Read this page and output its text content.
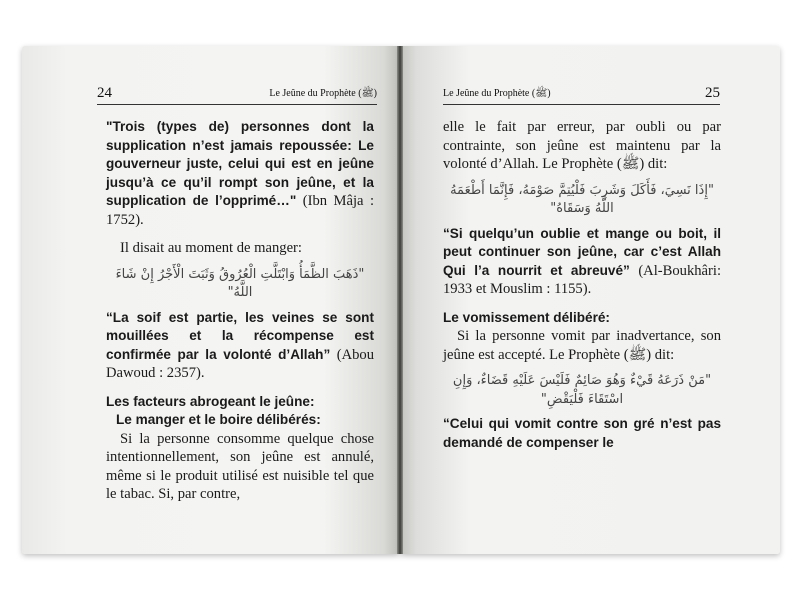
24	Le Jeûne du Prophète (ﷺ)

"Trois (types de) personnes dont la supplication n’est jamais repoussée: Le gouverneur juste, celui qui est en jeûne jusqu’à ce qu’il rompt son jeûne, et la supplication de l’opprimé…" (Ibn Mâja : 1752).

Il disait au moment de manger:

"ذَهَبَ الظَّمَأُ وَابْتَلَّتِ الْعُرُوقُ وَثَبَتَ الْأَجْرُ إِنْ شَاءَ اللَّهُ"

“La soif est partie, les veines se sont mouillées et la récompense est confirmée par la volonté d’Allah” (Abou Dawoud : 2357).

Les facteurs abrogeant le jeûne:

Le manger et le boire délibérés:

Si la personne consomme quelque chose intentionnellement, son jeûne est annulé, même si le produit utilisé est nuisible tel que le tabac. Si, par contre,

Le Jeûne du Prophète (ﷺ)	25

elle le fait par erreur, par oubli ou par contrainte, son jeûne est maintenu par la volonté d’Allah. Le Prophète (ﷺ) dit:

"إِذَا نَسِيَ، فَأَكَلَ وَشَرِبَ فَلْيُتِمَّ صَوْمَهُ، فَإِنَّمَا أَطْعَمَهُ اللَّهُ وَسَقَاهُ"

“Si quelqu’un oublie et mange ou boit, il peut continuer son jeûne, car c’est Allah Qui l’a nourrit et abreuvé” (Al-Boukhâri: 1933 et Mouslim : 1155).

Le vomissement délibéré:

Si la personne vomit par inadvertance, son jeûne est accepté. Le Prophète (ﷺ) dit:

"مَنْ ذَرَعَهُ قَيْءٌ وَهُوَ صَائِمٌ فَلَيْسَ عَلَيْهِ قَضَاءٌ، وَإِنِ اسْتَقَاءَ فَلْيَقْضِ"

“Celui qui vomit contre son gré n’est pas demandé de compenser le
